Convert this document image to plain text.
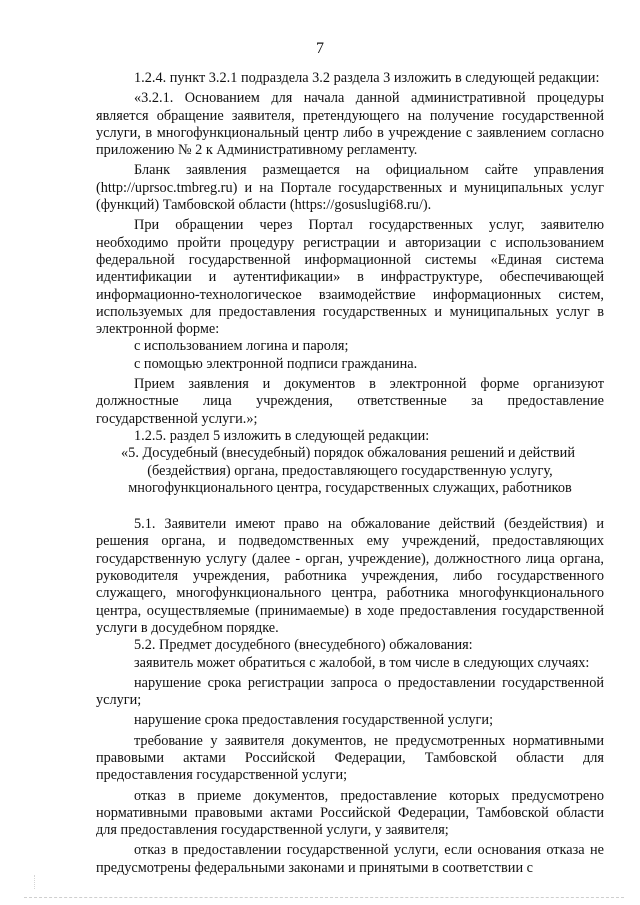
7

1.2.4. пункт 3.2.1 подраздела 3.2 раздела 3 изложить в следующей редакции:

«3.2.1. Основанием для начала данной административной процедуры является обращение заявителя, претендующего на получение государственной услуги, в многофункциональный центр либо в учреждение с заявлением согласно приложению № 2 к Административному регламенту.

Бланк заявления размещается на официальном сайте управления (http://uprsoc.tmbreg.ru) и на Портале государственных и муниципальных услуг (функций) Тамбовской области (https://gosuslugi68.ru/).

При обращении через Портал государственных услуг, заявителю необходимо пройти процедуру регистрации и авторизации с использованием федеральной государственной информационной системы «Единая система идентификации и аутентификации» в инфраструктуре, обеспечивающей информационно-технологическое взаимодействие информационных систем, используемых для предоставления государственных и муниципальных услуг в электронной форме:

с использованием логина и пароля;

с помощью электронной подписи гражданина.

Прием заявления и документов в электронной форме организуют должностные лица учреждения, ответственные за предоставление государственной услуги.»;

1.2.5. раздел 5 изложить в следующей редакции:

«5. Досудебный (внесудебный) порядок обжалования решений и действий

(бездействия) органа, предоставляющего государственную услугу,

многофункционального центра, государственных служащих, работников

5.1. Заявители имеют право на обжалование действий (бездействия) и решения органа, и подведомственных ему учреждений, предоставляющих государственную услугу (далее - орган, учреждение), должностного лица органа, руководителя учреждения, работника учреждения, либо государственного служащего, многофункционального центра, работника многофункционального центра, осуществляемые (принимаемые) в ходе предоставления государственной услуги в досудебном порядке.

5.2. Предмет досудебного (внесудебного) обжалования:

заявитель может обратиться с жалобой, в том числе в следующих случаях:

нарушение срока регистрации запроса о предоставлении государственной услуги;

нарушение срока предоставления государственной услуги;

требование у заявителя документов, не предусмотренных нормативными правовыми актами Российской Федерации, Тамбовской области для предоставления государственной услуги;

отказ в приеме документов, предоставление которых предусмотрено нормативными правовыми актами Российской Федерации, Тамбовской области для предоставления государственной услуги, у заявителя;

отказ в предоставлении государственной услуги, если основания отказа не предусмотрены федеральными законами и принятыми в соответствии с
